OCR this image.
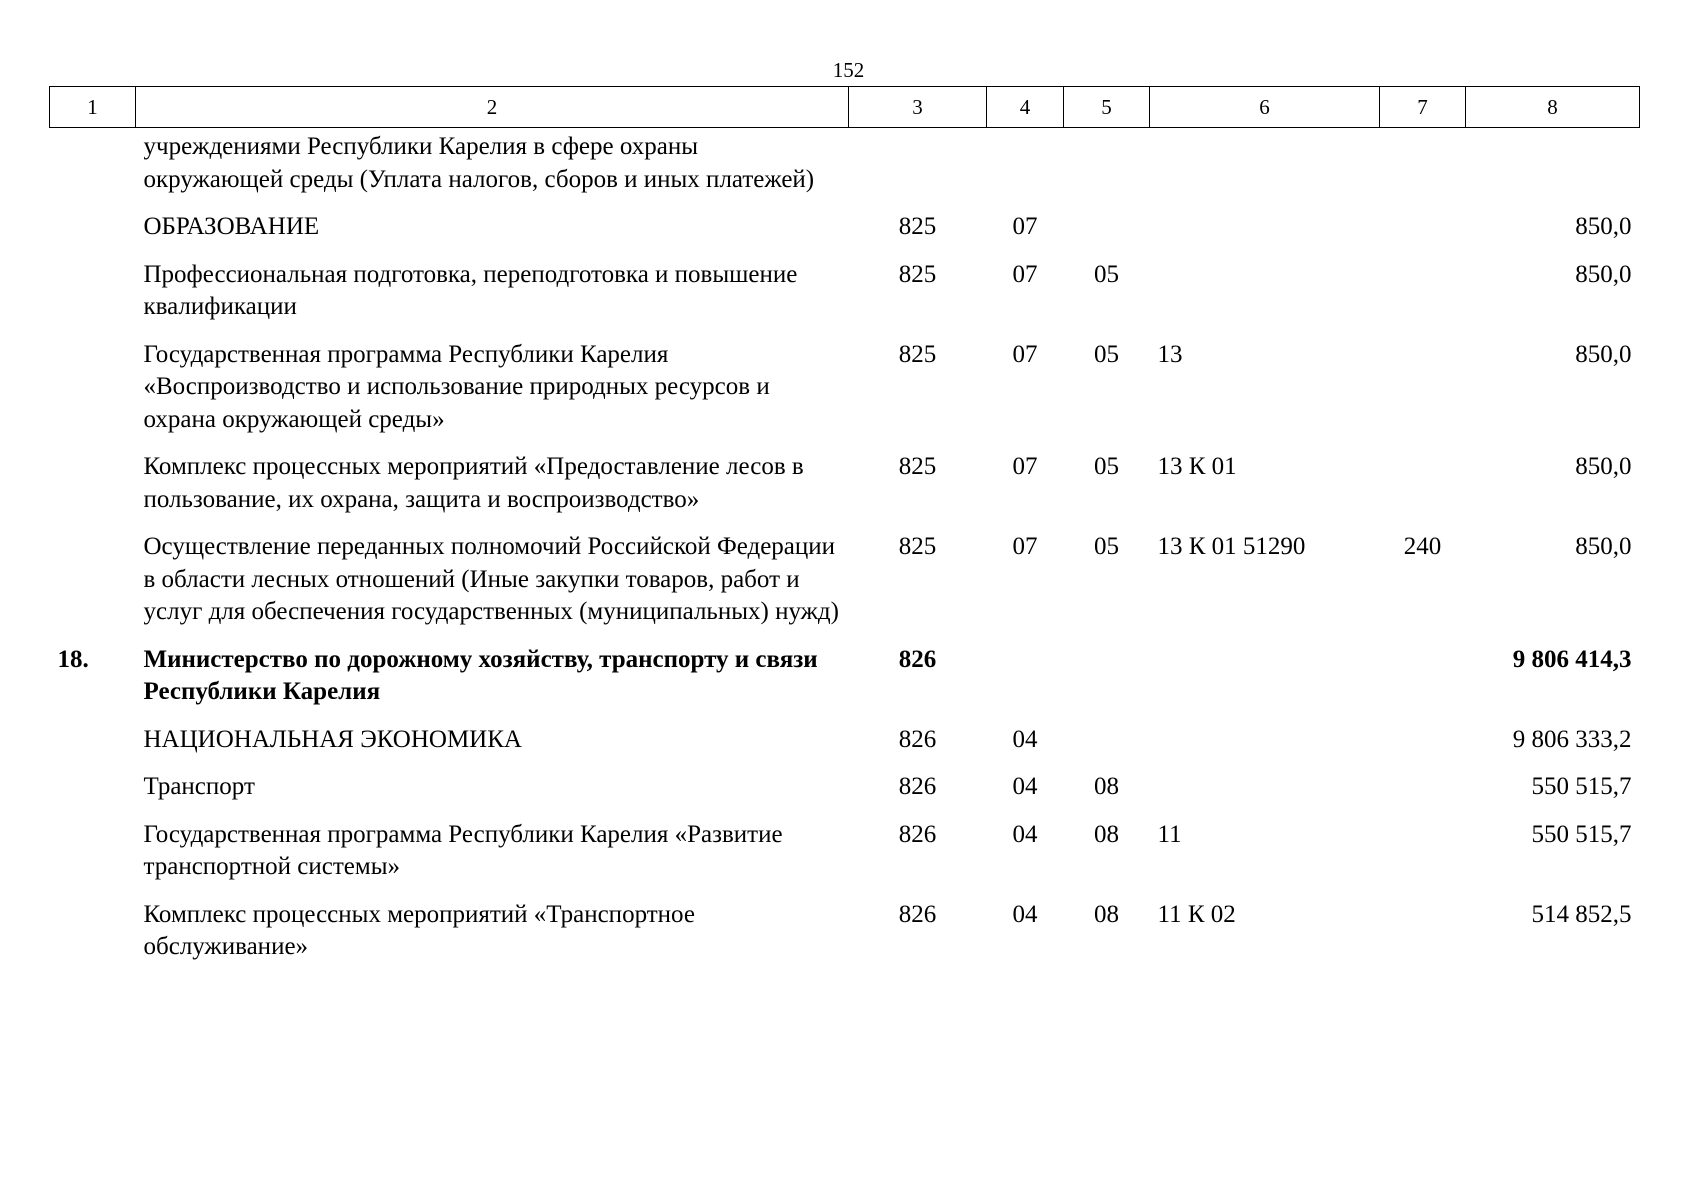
152
1	2	3	4	5	6	7	8
	учреждениями Республики Карелия в сфере охраны окружающей среды (Уплата налогов, сборов и иных платежей)						
	ОБРАЗОВАНИЕ	825	07				850,0
	Профессиональная подготовка, переподготовка и повышение квалификации	825	07	05			850,0
	Государственная программа Республики Карелия «Воспроизводство и использование природных ресурсов и охрана окружающей среды»	825	07	05	13		850,0
	Комплекс процессных мероприятий «Предоставление лесов в пользование, их охрана, защита и воспроизводство»	825	07	05	13 К 01		850,0
	Осуществление переданных полномочий Российской Федерации в области лесных отношений (Иные закупки товаров, работ и услуг для обеспечения государственных (муниципальных) нужд)	825	07	05	13 К 01 51290	240	850,0
18.	Министерство по дорожному хозяйству, транспорту и связи Республики Карелия	826					9 806 414,3
	НАЦИОНАЛЬНАЯ ЭКОНОМИКА	826	04				9 806 333,2
	Транспорт	826	04	08			550 515,7
	Государственная программа Республики Карелия «Развитие транспортной системы»	826	04	08	11		550 515,7
	Комплекс процессных мероприятий «Транспортное обслуживание»	826	04	08	11 К 02		514 852,5
